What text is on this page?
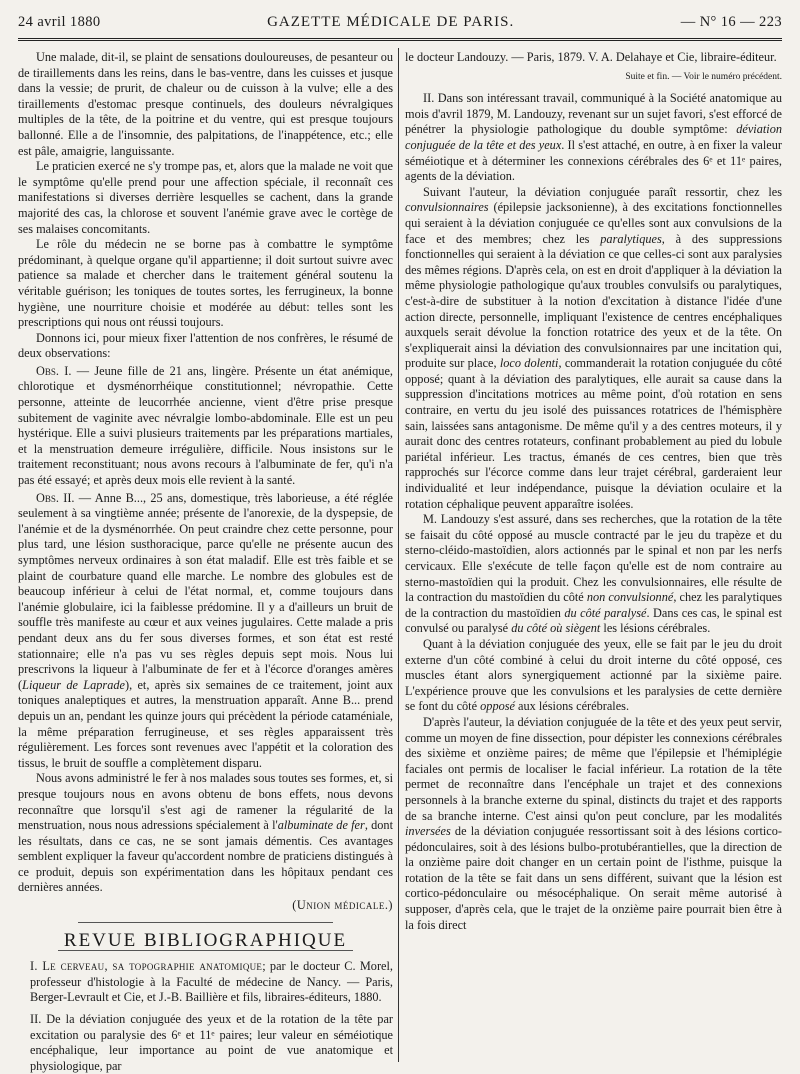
24 avril 1880	GAZETTE MÉDICALE DE PARIS.	— N° 16 — 223

Une malade, dit-il, se plaint de sensations douloureuses, de pesanteur ou de tiraillements dans les reins, dans le bas-ventre, dans les cuisses et jusque dans la vessie; de prurit, de chaleur ou de cuisson à la vulve; elle a des tiraillements d'estomac presque continuels, des douleurs névralgiques multiples de la tête, de la poitrine et du ventre, qui est presque toujours ballonné. Elle a de l'insomnie, des palpitations, de l'inappétence, etc.; elle est pâle, amaigrie, languissante.

Le praticien exercé ne s'y trompe pas, et, alors que la malade ne voit que le symptôme qu'elle prend pour une affection spéciale, il reconnaît ces manifestations si diverses derrière lesquelles se cachent, dans la grande majorité des cas, la chlorose et souvent l'anémie grave avec le cortège de ses malaises concomitants.

Le rôle du médecin ne se borne pas à combattre le symptôme prédominant, à quelque organe qu'il appartienne; il doit surtout suivre avec patience sa malade et chercher dans le traitement général soutenu la véritable guérison; les toniques de toutes sortes, les ferrugineux, la bonne hygiène, une nourriture choisie et modérée au début: telles sont les prescriptions qui nous ont réussi toujours.

Donnons ici, pour mieux fixer l'attention de nos confrères, le résumé de deux observations:

Obs. I. — Jeune fille de 21 ans, lingère. Présente un état anémique, chlorotique et dysménorrhéique constitutionnel; névropathie. Cette personne, atteinte de leucorrhée ancienne, vient d'être prise presque subitement de vaginite avec névralgie lombo-abdominale. Elle est un peu hystérique. Elle a suivi plusieurs traitements par les préparations martiales, et la menstruation demeure irrégulière, difficile. Nous insistons sur le traitement reconstituant; nous avons recours à l'albuminate de fer, qu'i n'a pas été essayé; et après deux mois elle revient à la santé.

Obs. II. — Anne B..., 25 ans, domestique, très laborieuse, a été réglée seulement à sa vingtième année; présente de l'anorexie, de la dyspepsie, de l'anémie et de la dysménorrhée. On peut craindre chez cette personne, pour plus tard, une lésion susthoracique, parce qu'elle ne présente aucun des symptômes nerveux ordinaires à son état maladif. Elle est très faible et se plaint de courbature quand elle marche. Le nombre des globules est de beaucoup inférieur à celui de l'état normal, et, comme toujours dans l'anémie globulaire, ici la faiblesse prédomine. Il y a d'ailleurs un bruit de souffle très manifeste au cœur et aux veines jugulaires. Cette malade a pris pendant deux ans du fer sous diverses formes, et son état est resté stationnaire; elle n'a pas vu ses règles depuis sept mois. Nous lui prescrivons la liqueur à l'albuminate de fer et à l'écorce d'oranges amères (Liqueur de Laprade), et, après six semaines de ce traitement, joint aux toniques analeptiques et autres, la menstruation apparaît. Anne B... prend depuis un an, pendant les quinze jours qui précèdent la période cataméniale, la même préparation ferrugineuse, et ses règles apparaissent très régulièrement. Les forces sont revenues avec l'appétit et la coloration des tissus, le bruit de souffle a complètement disparu.

Nous avons administré le fer à nos malades sous toutes ses formes, et, si presque toujours nous en avons obtenu de bons effets, nous devons reconnaître que lorsqu'il s'est agi de ramener la régularité de la menstruation, nous nous adressions spécialement à l'albuminate de fer, dont les résultats, dans ce cas, ne se sont jamais démentis. Ces avantages semblent expliquer la faveur qu'accordent nombre de praticiens distingués à ce produit, depuis son expérimentation dans les hôpitaux pendant ces dernières années.

(Union médicale.)
REVUE BIBLIOGRAPHIQUE

I. Le cerveau, sa topographie anatomique; par le docteur C. Morel, professeur d'histologie à la Faculté de médecine de Nancy. — Paris, Berger-Levrault et Cie, et J.-B. Baillière et fils, libraires-éditeurs, 1880.

II. De la déviation conjuguée des yeux et de la rotation de la tête par excitation ou paralysie des 6ᵉ et 11ᵉ paires; leur valeur en séméiotique encéphalique, leur importance au point de vue anatomique et physiologique, par

le docteur Landouzy. — Paris, 1879. V. A. Delahaye et Cie, libraire-éditeur.

Suite et fin. — Voir le numéro précédent.

II. Dans son intéressant travail, communiqué à la Société anatomique au mois d'avril 1879, M. Landouzy, revenant sur un sujet favori, s'est efforcé de pénétrer la physiologie pathologique du double symptôme: déviation conjuguée de la tête et des yeux. Il s'est attaché, en outre, à en fixer la valeur séméiotique et à déterminer les connexions cérébrales des 6ᵉ et 11ᵉ paires, agents de la déviation.

Suivant l'auteur, la déviation conjuguée paraît ressortir, chez les convulsionnaires (épilepsie jacksonienne), à des excitations fonctionnelles qui seraient à la déviation conjuguée ce qu'elles sont aux convulsions de la face et des membres; chez les paralytiques, à des suppressions fonctionnelles qui seraient à la déviation ce que celles-ci sont aux paralysies des mêmes régions. D'après cela, on est en droit d'appliquer à la déviation la même physiologie pathologique qu'aux troubles convulsifs ou paralytiques, c'est-à-dire de substituer à la notion d'excitation à distance l'idée d'une action directe, personnelle, impliquant l'existence de centres encéphaliques auxquels serait dévolue la fonction rotatrice des yeux et de la tête. On s'expliquerait ainsi la déviation des convulsionnaires par une incitation qui, produite sur place, loco dolenti, commanderait la rotation conjuguée du côté opposé; quant à la déviation des paralytiques, elle aurait sa cause dans la suppression d'incitations motrices au même point, d'où rotation en sens contraire, en vertu du jeu isolé des puissances rotatrices de l'hémisphère sain, laissées sans antagonisme. De même qu'il y a des centres moteurs, il y aurait donc des centres rotateurs, confinant probablement au pied du lobule pariétal inférieur. Les tractus, émanés de ces centres, bien que très rapprochés sur l'écorce comme dans leur trajet cérébral, garderaient leur individualité et leur indépendance, puisque la déviation oculaire et la rotation céphalique peuvent apparaître isolées.

M. Landouzy s'est assuré, dans ses recherches, que la rotation de la tête se faisait du côté opposé au muscle contracté par le jeu du trapèze et du sterno-cléido-mastoïdien, alors actionnés par le spinal et non par les nerfs cervicaux. Elle s'exécute de telle façon qu'elle est de nom contraire au sterno-mastoïdien qui la produit. Chez les convulsionnaires, elle résulte de la contraction du mastoïdien du côté non convulsionné, chez les paralytiques de la contraction du mastoïdien du côté paralysé. Dans ces cas, le spinal est convulsé ou paralysé du côté où siègent les lésions cérébrales.

Quant à la déviation conjuguée des yeux, elle se fait par le jeu du droit externe d'un côté combiné à celui du droit interne du côté opposé, ces muscles étant alors synergiquement actionné par la sixième paire. L'expérience prouve que les convulsions et les paralysies de cette dernière se font du côté opposé aux lésions cérébrales.

D'après l'auteur, la déviation conjuguée de la tête et des yeux peut servir, comme un moyen de fine dissection, pour dépister les connexions cérébrales des sixième et onzième paires; de même que l'épilepsie et l'hémiplégie faciales ont permis de localiser le facial inférieur. La rotation de la tête permet de reconnaître dans l'encéphale un trajet et des connexions personnels à la branche externe du spinal, distincts du trajet et des rapports de sa branche interne. C'est ainsi qu'on peut conclure, par les modalités inversées de la déviation conjuguée ressortissant soit à des lésions cortico-pédonculaires, soit à des lésions bulbo-protubérantielles, que la direction de la onzième paire doit changer en un certain point de l'isthme, puisque la rotation de la tête se fait dans un sens différent, suivant que la lésion est cortico-pédonculaire ou mésocéphalique. On serait même autorisé à supposer, d'après cela, que le trajet de la onzième paire pourrait bien être à la fois direct
